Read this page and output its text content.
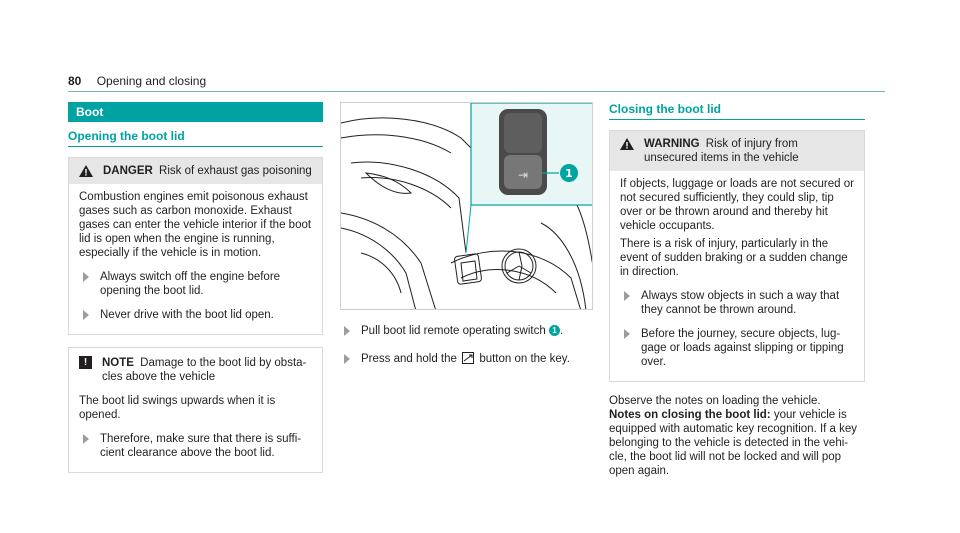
80 Opening and closing
Boot
Opening the boot lid
DANGER Risk of exhaust gas poisoning

Combustion engines emit poisonous exhaust gases such as carbon monoxide. Exhaust gases can enter the vehicle interior if the boot lid is open when the engine is running, especially if the vehicle is in motion.

Always switch off the engine before opening the boot lid.
Never drive with the boot lid open.
!	NOTE Damage to the boot lid by obsta-cles above the vehicle

The boot lid swings upwards when it is opened.

Therefore, make sure that there is suffi-cient clearance above the boot lid.
⇥	1
Pull boot lid remote operating switch 1 .
Press and hold the button on the key.
Closing the boot lid
WARNING Risk of injury from unsecured items in the vehicle

If objects, luggage or loads are not secured or not secured sufficiently, they could slip, tip over or be thrown around and thereby hit vehicle occupants.

There is a risk of injury, particularly in the event of sudden braking or a sudden change in direction.

Always stow objects in such a way that they cannot be thrown around.
Before the journey, secure objects, lug-gage or loads against slipping or tipping over.

Observe the notes on loading the vehicle.

Notes on closing the boot lid: your vehicle is equipped with automatic key recognition. If a key belonging to the vehicle is detected in the vehi-cle, the boot lid will not be locked and will pop open again.
